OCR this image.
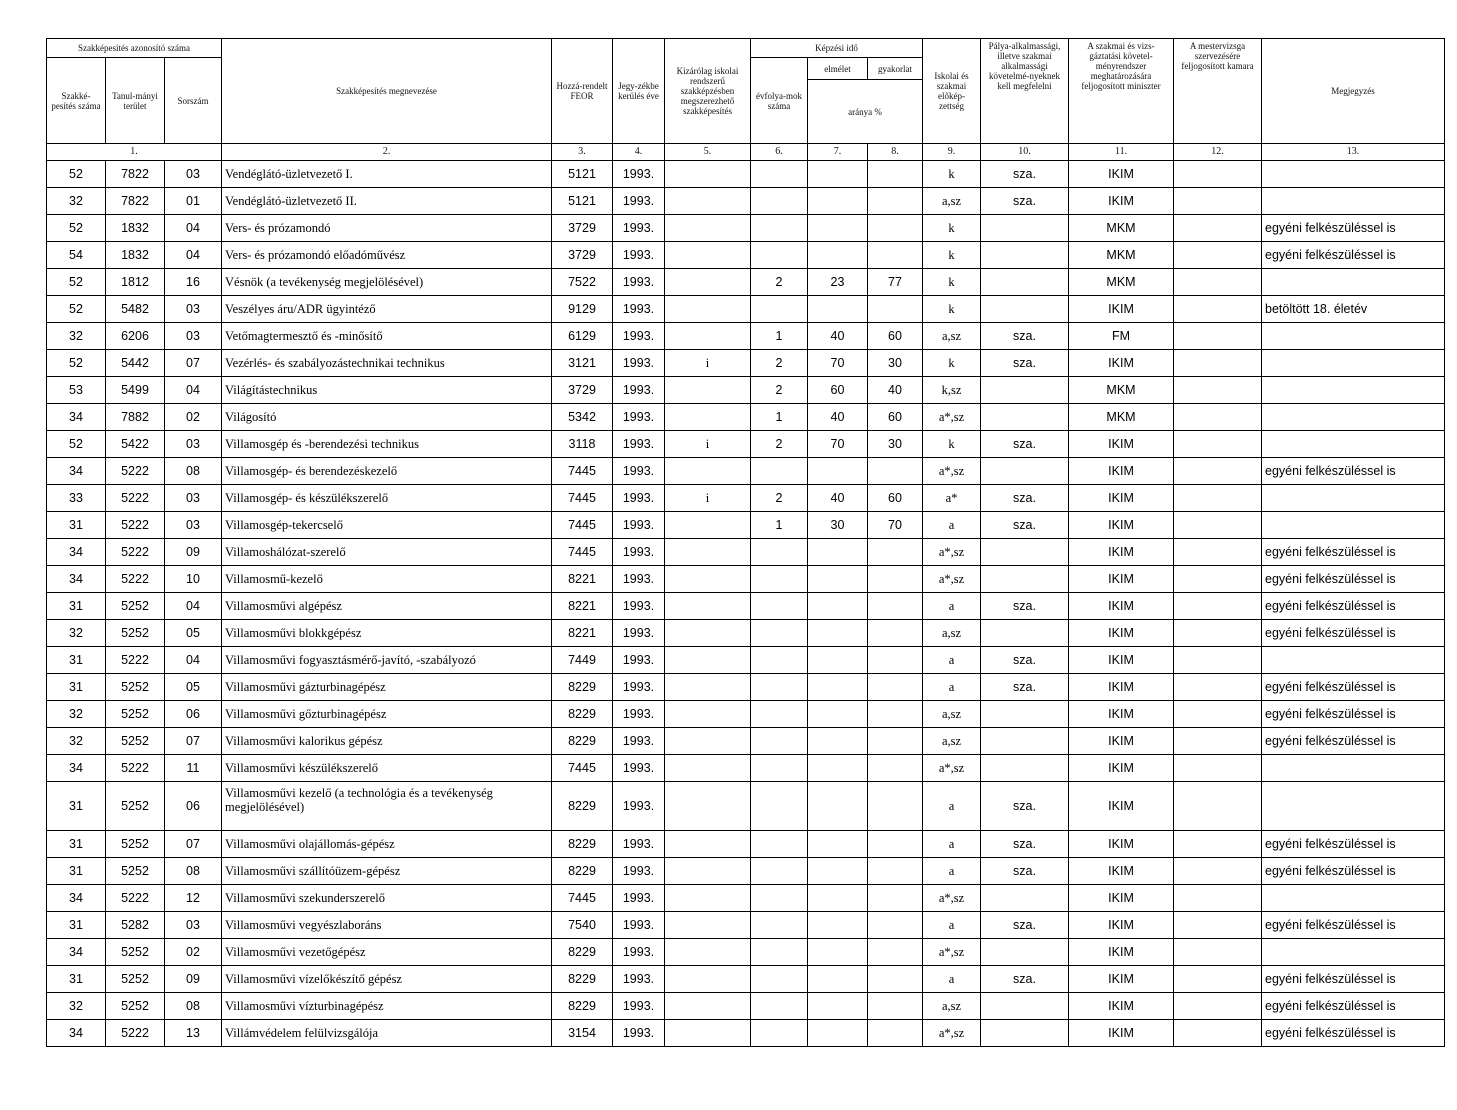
Szakképesítés azonosító száma			Szakképesítés megnevezése	Hozzá-rendelt FEOR	Jegy-zékbe kerülés éve	Kizárólag iskolai rendszerű szakképzésben megszerezhető szakképesítés	Képzési idő			Iskolai és szakmai előkép-zettség	Pálya-alkalmassági, illetve szakmai alkalmassági követelmé-nyeknek kell megfelelni	A szakmai és vizs-gáztatási követel-ményrendszer meghatározására feljogosított miniszter	A mestervizsga szervezésére feljogosított kamara	Megjegyzés
Szakké-pesítés száma	Tanul-mányi terület	Sorszám					évfolya-mok száma	elmélet	gyakorlat					
								aránya %						
1.			2.	3.	4.	5.	6.	7.	8.	9.	10.	11.	12.	13.
52	7822	03	Vendéglátó-üzletvezető I.	5121	1993.					k	sza.	IKIM		
32	7822	01	Vendéglátó-üzletvezető II.	5121	1993.					a,sz	sza.	IKIM		
52	1832	04	Vers- és prózamondó	3729	1993.					k		MKM		egyéni felkészüléssel is
54	1832	04	Vers- és prózamondó előadóművész	3729	1993.					k		MKM		egyéni felkészüléssel is
52	1812	16	Vésnök (a tevékenység megjelölésével)	7522	1993.		2	23	77	k		MKM		
52	5482	03	Veszélyes áru/ADR ügyintéző	9129	1993.					k		IKIM		betöltött 18. életév
32	6206	03	Vetőmagtermesztő és -minősítő	6129	1993.		1	40	60	a,sz	sza.	FM		
52	5442	07	Vezérlés- és szabályozástechnikai technikus	3121	1993.	i	2	70	30	k	sza.	IKIM		
53	5499	04	Világítástechnikus	3729	1993.		2	60	40	k,sz		MKM		
34	7882	02	Világosító	5342	1993.		1	40	60	a*,sz		MKM		
52	5422	03	Villamosgép és -berendezési technikus	3118	1993.	i	2	70	30	k	sza.	IKIM		
34	5222	08	Villamosgép- és berendezéskezelő	7445	1993.					a*,sz		IKIM		egyéni felkészüléssel is
33	5222	03	Villamosgép- és készülékszerelő	7445	1993.	i	2	40	60	a*	sza.	IKIM		
31	5222	03	Villamosgép-tekercselő	7445	1993.		1	30	70	a	sza.	IKIM		
34	5222	09	Villamoshálózat-szerelő	7445	1993.					a*,sz		IKIM		egyéni felkészüléssel is
34	5222	10	Villamosmű-kezelő	8221	1993.					a*,sz		IKIM		egyéni felkészüléssel is
31	5252	04	Villamosművi algépész	8221	1993.					a	sza.	IKIM		egyéni felkészüléssel is
32	5252	05	Villamosművi blokkgépész	8221	1993.					a,sz		IKIM		egyéni felkészüléssel is
31	5222	04	Villamosművi fogyasztásmérő-javító, -szabályozó	7449	1993.					a	sza.	IKIM		
31	5252	05	Villamosművi gázturbinagépész	8229	1993.					a	sza.	IKIM		egyéni felkészüléssel is
32	5252	06	Villamosművi gőzturbinagépész	8229	1993.					a,sz		IKIM		egyéni felkészüléssel is
32	5252	07	Villamosművi kalorikus gépész	8229	1993.					a,sz		IKIM		egyéni felkészüléssel is
34	5222	11	Villamosművi készülékszerelő	7445	1993.					a*,sz		IKIM		
31	5252	06	Villamosművi kezelő (a technológia és a tevékenység megjelölésével)	8229	1993.					a	sza.	IKIM		
31	5252	07	Villamosművi olajállomás-gépész	8229	1993.					a	sza.	IKIM		egyéni felkészüléssel is
31	5252	08	Villamosművi szállítóüzem-gépész	8229	1993.					a	sza.	IKIM		egyéni felkészüléssel is
34	5222	12	Villamosművi szekunderszerelő	7445	1993.					a*,sz		IKIM		
31	5282	03	Villamosművi vegyészlaboráns	7540	1993.					a	sza.	IKIM		egyéni felkészüléssel is
34	5252	02	Villamosművi vezetőgépész	8229	1993.					a*,sz		IKIM		
31	5252	09	Villamosművi vízelőkészítő gépész	8229	1993.					a	sza.	IKIM		egyéni felkészüléssel is
32	5252	08	Villamosművi vízturbinagépész	8229	1993.					a,sz		IKIM		egyéni felkészüléssel is
34	5222	13	Villámvédelem felülvizsgálója	3154	1993.					a*,sz		IKIM		egyéni felkészüléssel is
